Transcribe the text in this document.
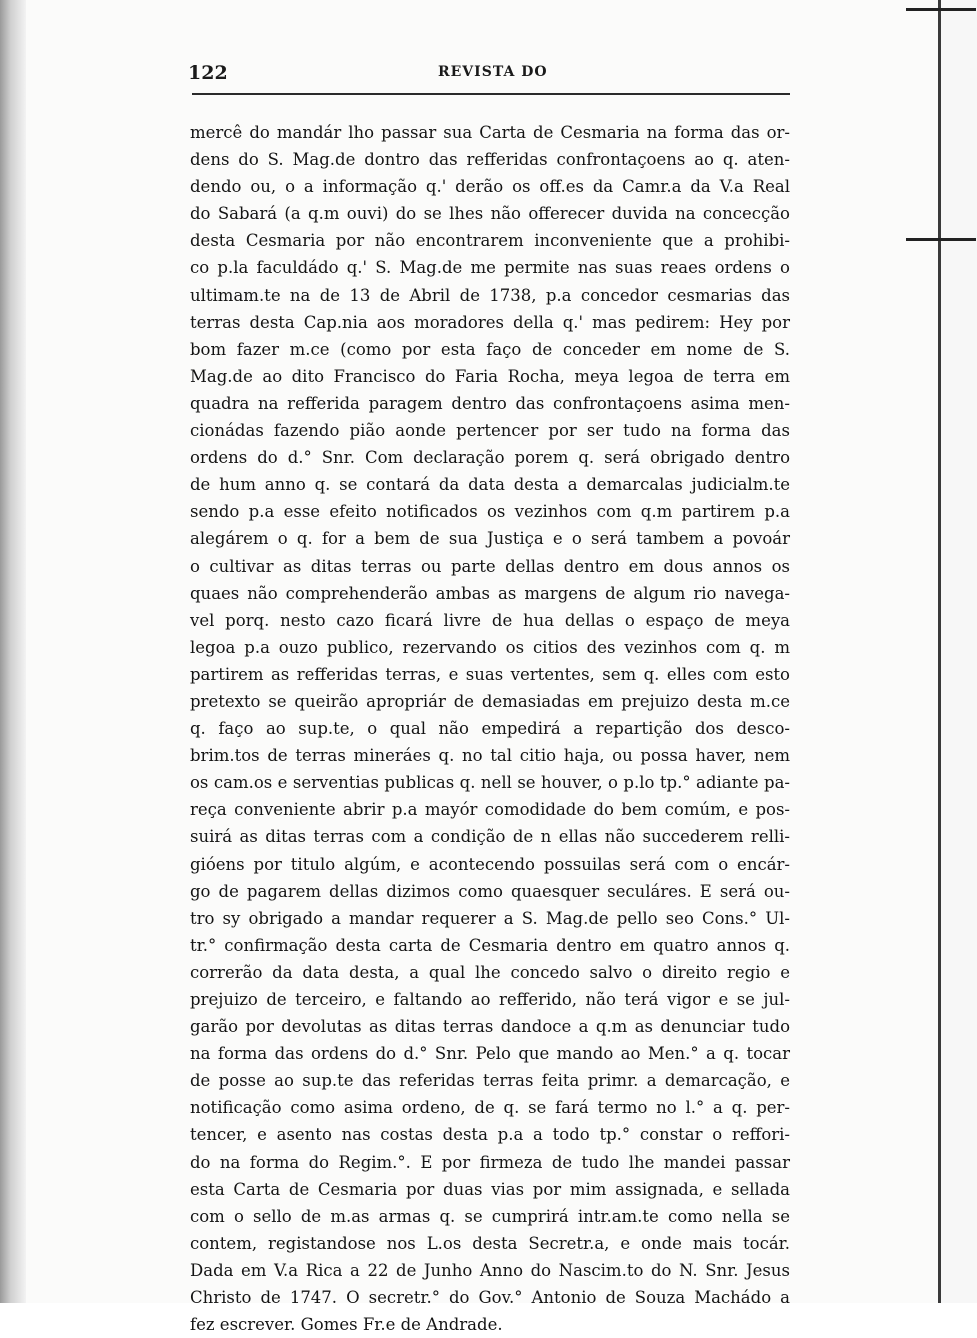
122	REVISTA DO
mercê do mandár lho passar sua Carta de Cesmaria na forma das or-
dens do S. Mag.de dontro das refferidas confrontaçoens ao q. aten-
dendo ou, o a informação q.' derão os off.es da Camr.a da V.a Real
do Sabará (a q.m ouvi) do se lhes não offerecer duvida na concecção
desta Cesmaria por não encontrarem inconveniente que a prohibi-
co p.la faculdádo q.' S. Mag.de me permite nas suas reaes ordens o
ultimam.te na de 13 de Abril de 1738, p.a concedor cesmarias das
terras desta Cap.nia aos moradores della q.' mas pedirem: Hey por
bom fazer m.ce (como por esta faço de conceder em nome de S.
Mag.de ao dito Francisco do Faria Rocha, meya legoa de terra em
quadra na refferida paragem dentro das confrontaçoens asima men-
cionádas fazendo pião aonde pertencer por ser tudo na forma das
ordens do d.° Snr. Com declaração porem q. será obrigado dentro
de hum anno q. se contará da data desta a demarcalas judicialm.te
sendo p.a esse efeito notificados os vezinhos com q.m partirem p.a
alegárem o q. for a bem de sua Justiça e o será tambem a povoár
o cultivar as ditas terras ou parte dellas dentro em dous annos os
quaes não comprehenderão ambas as margens de algum rio navega-
vel porq. nesto cazo ficará livre de hua dellas o espaço de meya
legoa p.a ouzo publico, rezervando os citios des vezinhos com q. m
partirem as refferidas terras, e suas vertentes, sem q. elles com esto
pretexto se queirão apropriár de demasiadas em prejuizo desta m.ce
q. faço ao sup.te, o qual não empedirá a repartição dos desco-
brim.tos de terras mineráes q. no tal citio haja, ou possa haver, nem
os cam.os e serventias publicas q. nell se houver, o p.lo tp.° adiante pa-
reça conveniente abrir p.a mayór comodidade do bem comúm, e pos-
suirá as ditas terras com a condição de n ellas não succederem relli-
gióens por titulo algúm, e acontecendo possuilas será com o encár-
go de pagarem dellas dizimos como quaesquer seculáres. E será ou-
tro sy obrigado a mandar requerer a S. Mag.de pello seo Cons.° Ul-
tr.° confirmação desta carta de Cesmaria dentro em quatro annos q.
correrão da data desta, a qual lhe concedo salvo o direito regio e
prejuizo de terceiro, e faltando ao refferido, não terá vigor e se jul-
garão por devolutas as ditas terras dandoce a q.m as denunciar tudo
na forma das ordens do d.° Snr. Pelo que mando ao Men.° a q. tocar
de posse ao sup.te das referidas terras feita primr. a demarcação, e
notificação como asima ordeno, de q. se fará termo no l.° a q. per-
tencer, e asento nas costas desta p.a a todo tp.° constar o reffori-
do na forma do Regim.°. E por firmeza de tudo lhe mandei passar
esta Carta de Cesmaria por duas vias por mim assignada, e sellada
com o sello de m.as armas q. se cumprirá intr.am.te como nella se
contem, registandose nos L.os desta Secretr.a, e onde mais tocár.
Dada em V.a Rica a 22 de Junho Anno do Nascim.to do N. Snr. Jesus
Christo de 1747. O secretr.° do Gov.° Antonio de Souza Machádo a
fez escrever. Gomes Fr.e de Andrade.
